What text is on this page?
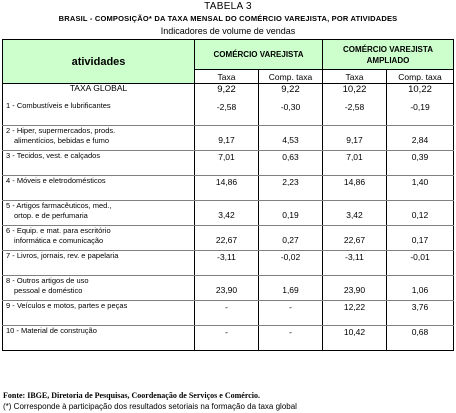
TABELA 3
BRASIL - COMPOSIÇÃO* DA TAXA MENSAL DO COMÉRCIO VAREJISTA, POR ATIVIDADES
Indicadores de volume de vendas
atividades	COMÉRCIO VAREJISTA		COMÉRCIO VAREJISTA
AMPLIADO	

	Taxa	Comp. taxa	Taxa	Comp. taxa
TAXA GLOBAL	9,22	9,22	10,22	10,22

1 - Combustíveis e lubrificantes	-2,58	-0,30	-2,58	-0,19

2 - Hiper, supermercados, prods.
alimentícios, bebidas e fumo	9,17	4,53	9,17	2,84

3 - Tecidos, vest. e calçados	7,01	0,63	7,01	0,39

4 - Móveis e eletrodomésticos	14,86	2,23	14,86	1,40

5 - Artigos farmacêuticos, med.,
ortop. e de perfumaria	3,42	0,19	3,42	0,12

6 - Equip. e mat. para escritório
informática e comunicação	22,67	0,27	22,67	0,17

7 - Livros, jornais, rev. e papelaria	-3,11	-0,02	-3,11	-0,01

8 - Outros artigos de uso
pessoal e doméstico	23,90	1,69	23,90	1,06

9 - Veículos e motos, partes e peças	-	-	12,22	3,76

10 - Material de construção	-	-	10,42	0,68
Fonte: IBGE, Diretoria de Pesquisas, Coordenação de Serviços e Comércio.
(*) Corresponde à participação dos resultados setoriais na formação da taxa global
